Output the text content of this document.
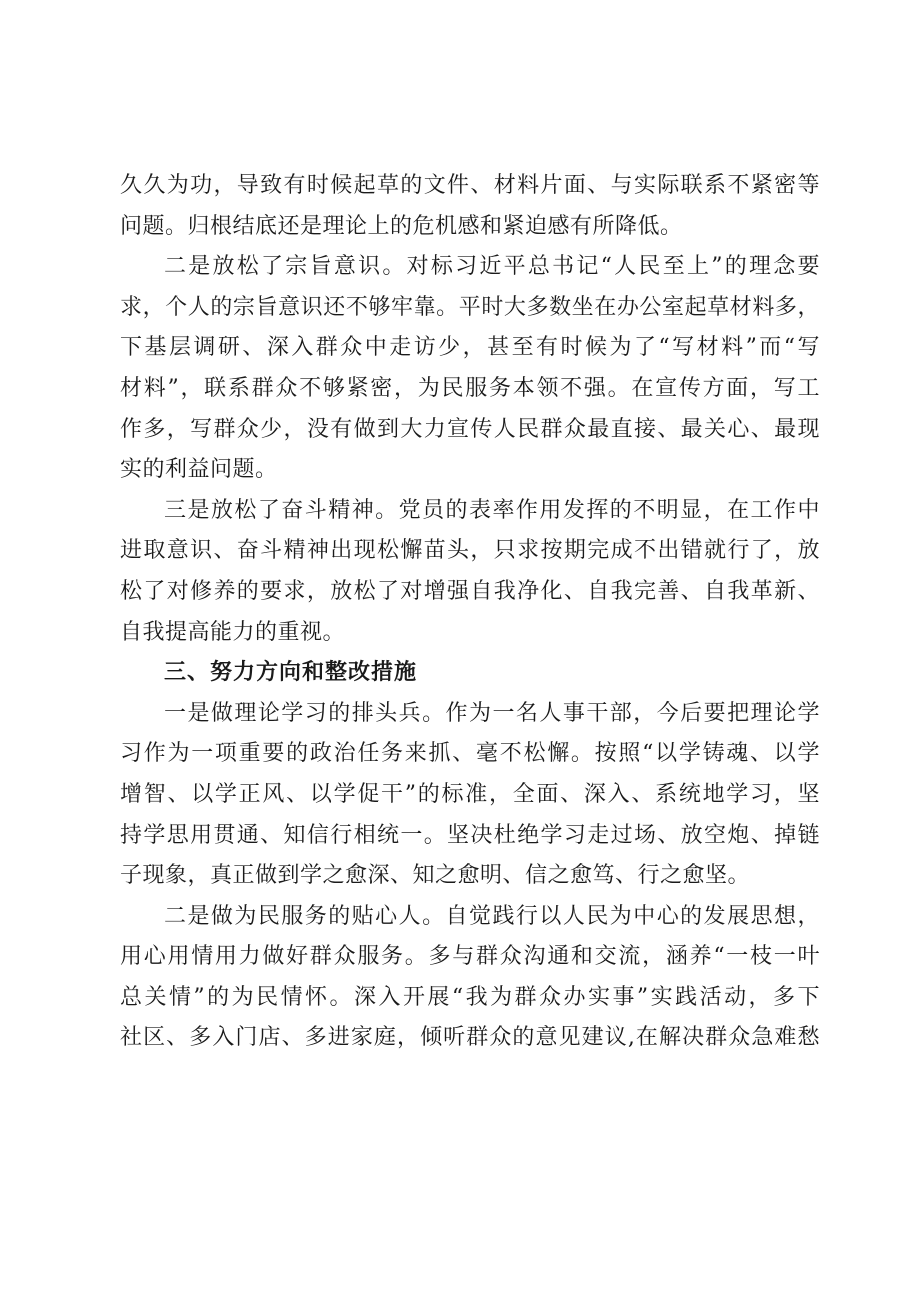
久久为功，导致有时候起草的文件、材料片面、与实际联系不紧密等
问题。归根结底还是理论上的危机感和紧迫感有所降低。
二是放松了宗旨意识。对标习近平总书记“人民至上”的理念要
求，个人的宗旨意识还不够牢靠。平时大多数坐在办公室起草材料多，
下基层调研、深入群众中走访少，甚至有时候为了“写材料”而“写
材料”，联系群众不够紧密，为民服务本领不强。在宣传方面，写工
作多，写群众少，没有做到大力宣传人民群众最直接、最关心、最现
实的利益问题。
三是放松了奋斗精神。党员的表率作用发挥的不明显，在工作中
进取意识、奋斗精神出现松懈苗头，只求按期完成不出错就行了，放
松了对修养的要求，放松了对增强自我净化、自我完善、自我革新、
自我提高能力的重视。
三、努力方向和整改措施
一是做理论学习的排头兵。作为一名人事干部，今后要把理论学
习作为一项重要的政治任务来抓、毫不松懈。按照“以学铸魂、以学
增智、以学正风、以学促干”的标准，全面、深入、系统地学习，坚
持学思用贯通、知信行相统一。坚决杜绝学习走过场、放空炮、掉链
子现象，真正做到学之愈深、知之愈明、信之愈笃、行之愈坚。
二是做为民服务的贴心人。自觉践行以人民为中心的发展思想，
用心用情用力做好群众服务。多与群众沟通和交流，涵养“一枝一叶
总关情”的为民情怀。深入开展“我为群众办实事”实践活动，多下
社区、多入门店、多进家庭，倾听群众的意见建议,在解决群众急难愁
